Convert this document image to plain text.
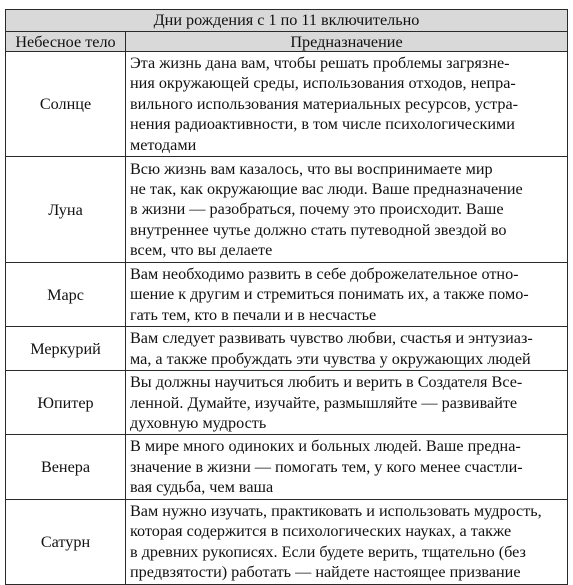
Дни рождения с 1 по 11 включительно	
Небесное тело	Предназначение
Солнце	Эта жизнь дана вам, чтобы решать проблемы загрязне-
ния окружающей среды, использования отходов, непра-
вильного использования материальных ресурсов, устра-
нения радиоактивности, в том числе психологическими
методами
Луна	Всю жизнь вам казалось, что вы воспринимаете мир
не так, как окружающие вас люди. Ваше предназначение
в жизни — разобраться, почему это происходит. Ваше
внутреннее чутье должно стать путеводной звездой во
всем, что вы делаете
Марс	Вам необходимо развить в себе доброжелательное отно-
шение к другим и стремиться понимать их, а также помо-
гать тем, кто в печали и в несчастье
Меркурий	Вам следует развивать чувство любви, счастья и энтузиаз-
ма, а также пробуждать эти чувства у окружающих людей
Юпитер	Вы должны научиться любить и верить в Создателя Все-
ленной. Думайте, изучайте, размышляйте — развивайте
духовную мудрость
Венера	В мире много одиноких и больных людей. Ваше предна-
значение в жизни — помогать тем, у кого менее счастли-
вая судьба, чем ваша
Сатурн	Вам нужно изучать, практиковать и использовать мудрость,
которая содержится в психологических науках, а также
в древних рукописях. Если будете верить, тщательно (без
предвзятости) работать — найдете настоящее призвание
